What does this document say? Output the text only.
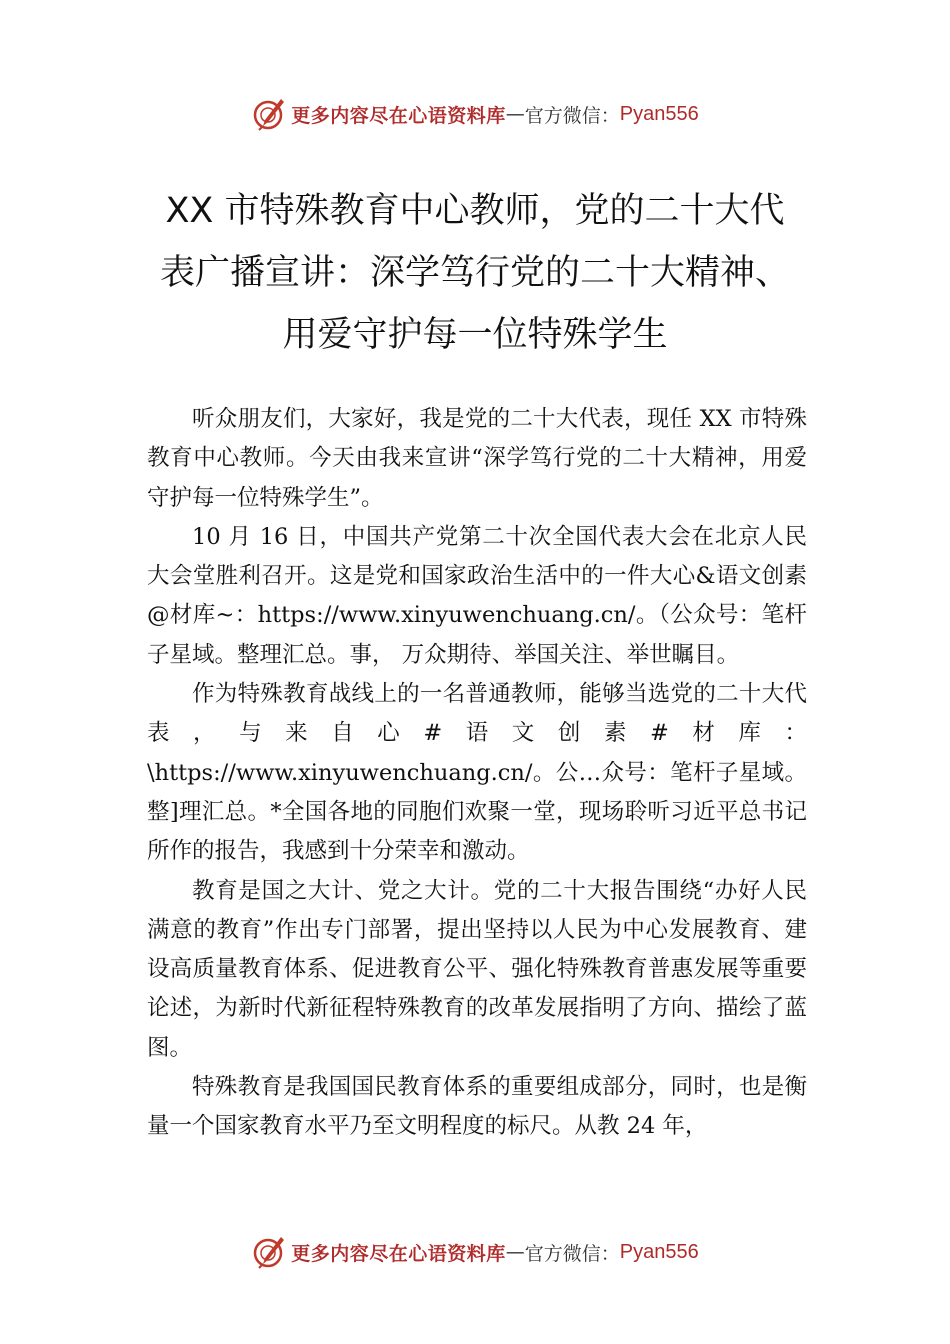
更多内容尽在心语资料库 — 官方微信： Pyan556
XX 市特殊教育中心教师，党的二十大代
表广播宣讲：深学笃行党的二十大精神、
用爱守护每一位特殊学生

听众朋友们，大家好，我是党的二十大代表，现任 XX 市特殊教育中心教师。今天由我来宣讲“深学笃行党的二十大精神，用爱守护每一位特殊学生”。

10 月 16 日，中国共产党第二十次全国代表大会在北京人民大会堂胜利召开。这是党和国家政治生活中的一件大心&语文创素@材库~：https://www.xinyuwenchuang.cn/。（公众号：笔杆子星域。整理汇总。事， 万众期待、举国关注、举世瞩目。

作为特殊教育战线上的一名普通教师，能够当选党的二十大代表，与来自心#语文创素#材库：\https://www.xinyuwenchuang.cn/。公…众号：笔杆子星域。整]理汇总。*全国各地的同胞们欢聚一堂，现场聆听习近平总书记所作的报告，我感到十分荣幸和激动。

教育是国之大计、党之大计。党的二十大报告围绕“办好人民满意的教育”作出专门部署，提出坚持以人民为中心发展教育、建设高质量教育体系、促进教育公平、强化特殊教育普惠发展等重要论述，为新时代新征程特殊教育的改革发展指明了方向、描绘了蓝图。

特殊教育是我国国民教育体系的重要组成部分，同时，也是衡量一个国家教育水平乃至文明程度的标尺。从教 24 年，

更多内容尽在心语资料库 — 官方微信： Pyan556
